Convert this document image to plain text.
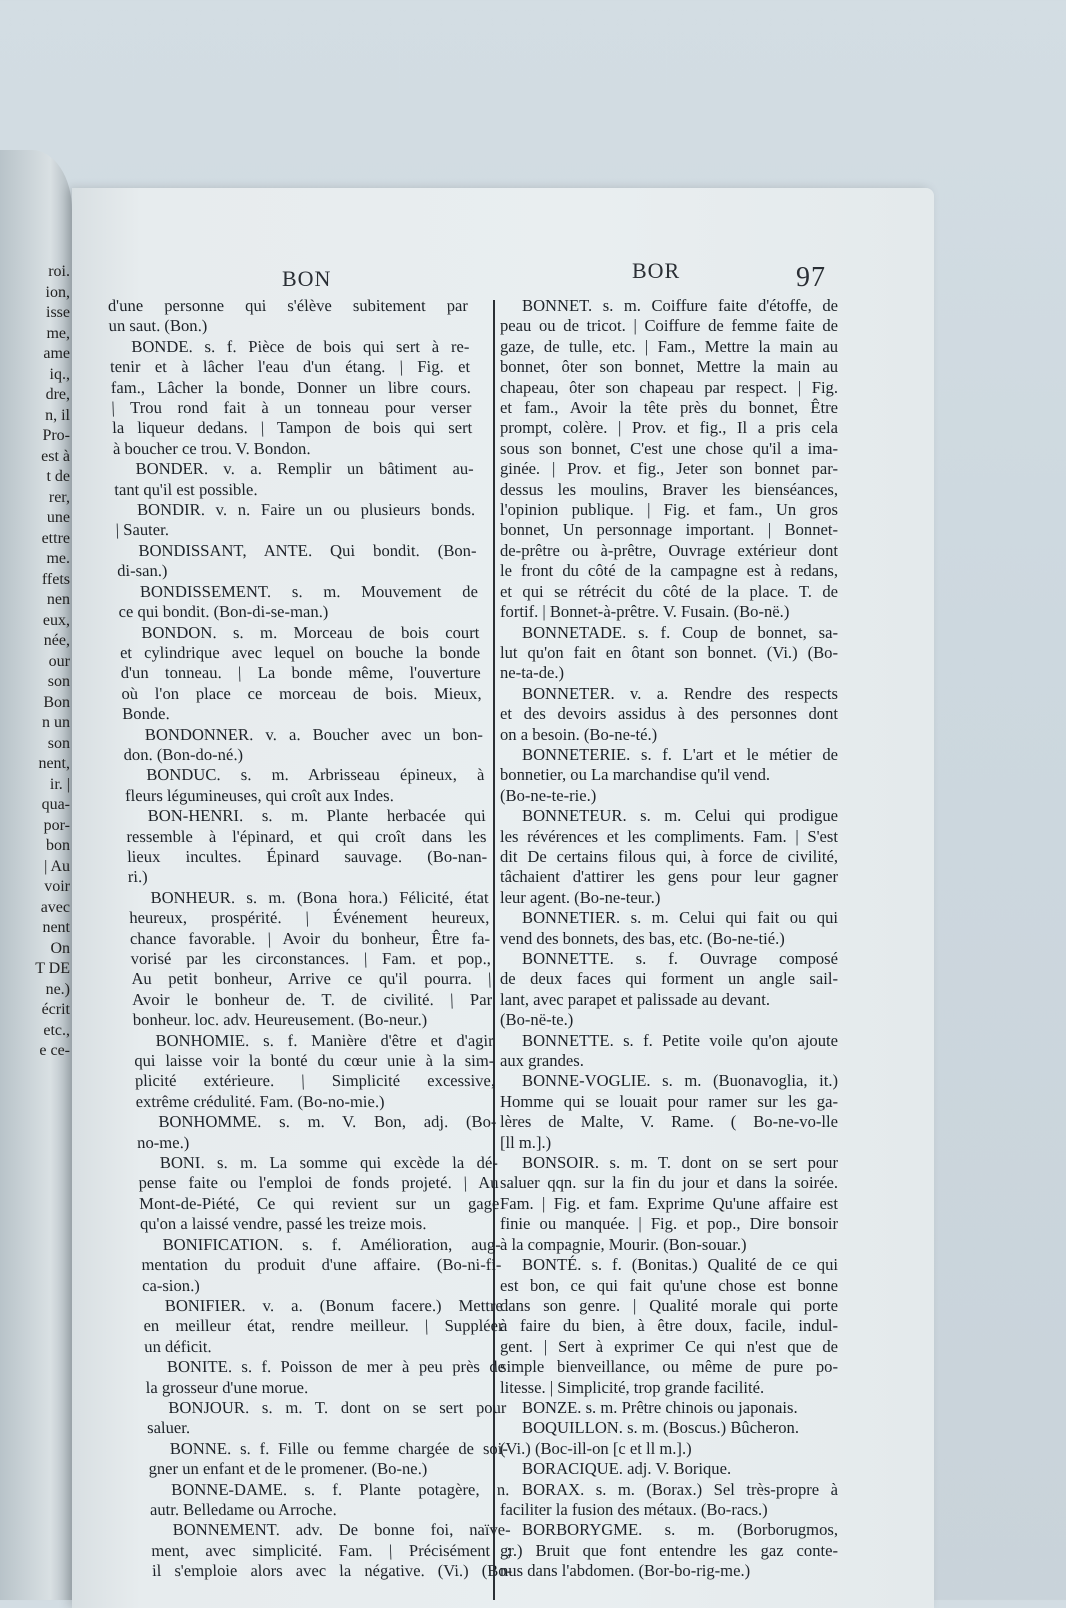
roi.
ion,
isse
me,
ame
iq.,
dre,
n, il
Pro-
est à
t de
rer,
une
ettre
me.
ffets
nen
eux,
née,
our
son
Bon
n un
son
nent,
ir. |
qua-
por-
bon
| Au
voir
avec
nent
On
T DE
ne.)
écrit
etc.,
e ce-
BON	BOR	97
d'une personne qui s'élève subitement par
un saut. (Bon.)
BONDE. s. f. Pièce de bois qui sert à re-
tenir et à lâcher l'eau d'un étang. | Fig. et
fam., Lâcher la bonde, Donner un libre cours.
| Trou rond fait à un tonneau pour verser
la liqueur dedans. | Tampon de bois qui sert
à boucher ce trou. V. Bondon.
BONDER. v. a. Remplir un bâtiment au-
tant qu'il est possible.
BONDIR. v. n. Faire un ou plusieurs bonds.
| Sauter.
BONDISSANT, ANTE. Qui bondit. (Bon-
di-san.)
BONDISSEMENT. s. m. Mouvement de
ce qui bondit. (Bon-di-se-man.)
BONDON. s. m. Morceau de bois court
et cylindrique avec lequel on bouche la bonde
d'un tonneau. | La bonde même, l'ouverture
où l'on place ce morceau de bois. Mieux,
Bonde.
BONDONNER. v. a. Boucher avec un bon-
don. (Bon-do-né.)
BONDUC. s. m. Arbrisseau épineux, à
fleurs légumineuses, qui croît aux Indes.
BON-HENRI. s. m. Plante herbacée qui
ressemble à l'épinard, et qui croît dans les
lieux incultes. Épinard sauvage. (Bo-nan-
ri.)
BONHEUR. s. m. (Bona hora.) Félicité, état
heureux, prospérité. | Événement heureux,
chance favorable. | Avoir du bonheur, Être fa-
vorisé par les circonstances. | Fam. et pop.,
Au petit bonheur, Arrive ce qu'il pourra. |
Avoir le bonheur de. T. de civilité. | Par
bonheur. loc. adv. Heureusement. (Bo-neur.)
BONHOMIE. s. f. Manière d'être et d'agir
qui laisse voir la bonté du cœur unie à la sim-
plicité extérieure. | Simplicité excessive,
extrême crédulité. Fam. (Bo-no-mie.)
BONHOMME. s. m. V. Bon, adj. (Bo-
no-me.)
BONI. s. m. La somme qui excède la dé-
pense faite ou l'emploi de fonds projeté. | Au
Mont-de-Piété, Ce qui revient sur un gage
qu'on a laissé vendre, passé les treize mois.
BONIFICATION. s. f. Amélioration, aug-
mentation du produit d'une affaire. (Bo-ni-fi-
ca-sion.)
BONIFIER. v. a. (Bonum facere.) Mettre
en meilleur état, rendre meilleur. | Suppléer
un déficit.
BONITE. s. f. Poisson de mer à peu près de
la grosseur d'une morue.
BONJOUR. s. m. T. dont on se sert pour
saluer.
BONNE. s. f. Fille ou femme chargée de soi-
gner un enfant et de le promener. (Bo-ne.)
BONNE-DAME. s. f. Plante potagère, n.
autr. Belledame ou Arroche.
BONNEMENT. adv. De bonne foi, naïve-
ment, avec simplicité. Fam. | Précisément ;
il s'emploie alors avec la négative. (Vi.) (Bo-
BONNET. s. m. Coiffure faite d'étoffe, de
peau ou de tricot. | Coiffure de femme faite de
gaze, de tulle, etc. | Fam., Mettre la main au
bonnet, ôter son bonnet, Mettre la main au
chapeau, ôter son chapeau par respect. | Fig.
et fam., Avoir la tête près du bonnet, Être
prompt, colère. | Prov. et fig., Il a pris cela
sous son bonnet, C'est une chose qu'il a ima-
ginée. | Prov. et fig., Jeter son bonnet par-
dessus les moulins, Braver les bienséances,
l'opinion publique. | Fig. et fam., Un gros
bonnet, Un personnage important. | Bonnet-
de-prêtre ou à-prêtre, Ouvrage extérieur dont
le front du côté de la campagne est à redans,
et qui se rétrécit du côté de la place. T. de
fortif. | Bonnet-à-prêtre. V. Fusain. (Bo-në.)
BONNETADE. s. f. Coup de bonnet, sa-
lut qu'on fait en ôtant son bonnet. (Vi.) (Bo-
ne-ta-de.)
BONNETER. v. a. Rendre des respects
et des devoirs assidus à des personnes dont
on a besoin. (Bo-ne-té.)
BONNETERIE. s. f. L'art et le métier de
bonnetier, ou La marchandise qu'il vend.
(Bo-ne-te-rie.)
BONNETEUR. s. m. Celui qui prodigue
les révérences et les compliments. Fam. | S'est
dit De certains filous qui, à force de civilité,
tâchaient d'attirer les gens pour leur gagner
leur agent. (Bo-ne-teur.)
BONNETIER. s. m. Celui qui fait ou qui
vend des bonnets, des bas, etc. (Bo-ne-tié.)
BONNETTE. s. f. Ouvrage composé
de deux faces qui forment un angle sail-
lant, avec parapet et palissade au devant.
(Bo-në-te.)
BONNETTE. s. f. Petite voile qu'on ajoute
aux grandes.
BONNE-VOGLIE. s. m. (Buonavoglia, it.)
Homme qui se louait pour ramer sur les ga-
lères de Malte, V. Rame. ( Bo-ne-vo-lle
[ll m.].)
BONSOIR. s. m. T. dont on se sert pour
saluer qqn. sur la fin du jour et dans la soirée.
Fam. | Fig. et fam. Exprime Qu'une affaire est
finie ou manquée. | Fig. et pop., Dire bonsoir
à la compagnie, Mourir. (Bon-souar.)
BONTÉ. s. f. (Bonitas.) Qualité de ce qui
est bon, ce qui fait qu'une chose est bonne
dans son genre. | Qualité morale qui porte
à faire du bien, à être doux, facile, indul-
gent. | Sert à exprimer Ce qui n'est que de
simple bienveillance, ou même de pure po-
litesse. | Simplicité, trop grande facilité.
BONZE. s. m. Prêtre chinois ou japonais.
BOQUILLON. s. m. (Boscus.) Bûcheron.
(Vi.) (Boc-ill-on [c et ll m.].)
BORACIQUE. adj. V. Borique.
BORAX. s. m. (Borax.) Sel très-propre à
faciliter la fusion des métaux. (Bo-racs.)
BORBORYGME. s. m. (Borborugmos,
gr.) Bruit que font entendre les gaz conte-
nus dans l'abdomen. (Bor-bo-rig-me.)
